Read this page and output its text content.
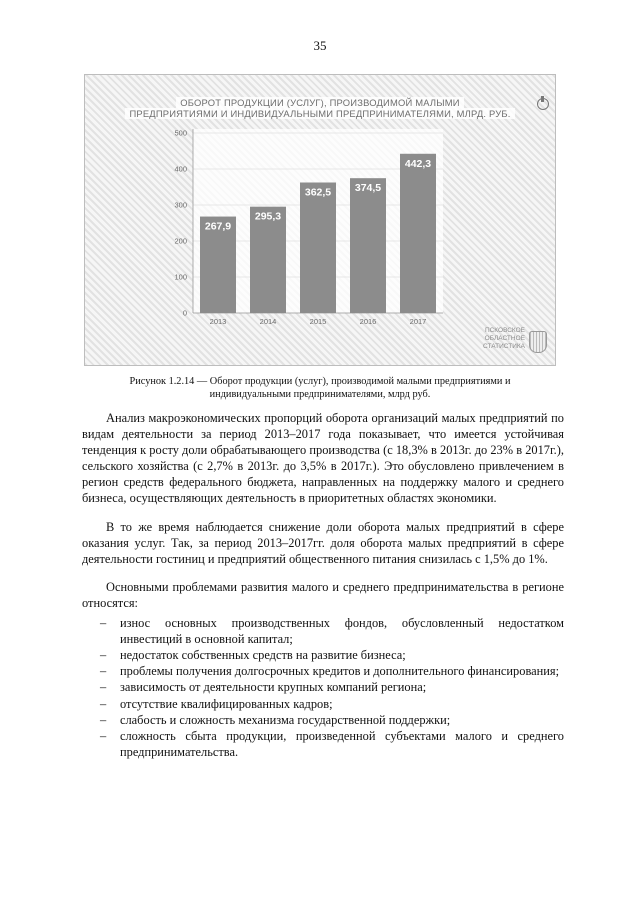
35
ОБОРОТ ПРОДУКЦИИ (УСЛУГ), ПРОИЗВОДИМОЙ МАЛЫМИ
ПРЕДПРИЯТИЯМИ И ИНДИВИДУАЛЬНЫМИ ПРЕДПРИНИМАТЕЛЯМИ, МЛРД. РУБ.
0
100
200
300
400
500
267,9
2013
295,3
2014
362,5
2015
374,5
2016
442,3
2017
ПСКОВСКОЕ ОБЛАСТНОЕ
СТАТИСТИКА
Рисунок 1.2.14 — Оборот продукции (услуг), производимой малыми предприятиями и
индивидуальными предпринимателями, млрд руб.

Анализ макроэкономических пропорций оборота организаций малых предприятий по видам деятельности за период 2013–2017 года показывает, что имеется устойчивая тенденция к росту доли обрабатывающего производства (с 18,3% в 2013г. до 23% в 2017г.), сельского хозяйства (с 2,7% в 2013г. до 3,5% в 2017г.). Это обусловлено привлечением в регион средств федерального бюджета, направленных на поддержку малого и среднего бизнеса, осуществляющих деятельность в приоритетных областях экономики.

В то же время наблюдается снижение доли оборота малых предприятий в сфере оказания услуг. Так, за период 2013–2017гг. доля оборота малых предприятий в сфере деятельности гостиниц и предприятий общественного питания снизилась с 1,5% до 1%.

Основными проблемами развития малого и среднего предпринимательства в регионе относятся:

– износ основных производственных фондов, обусловленный недостатком инвестиций в основной капитал;
– недостаток собственных средств на развитие бизнеса;
– проблемы получения долгосрочных кредитов и дополнительного финансирования;
– зависимость от деятельности крупных компаний региона;
– отсутствие квалифицированных кадров;
– слабость и сложность механизма государственной поддержки;
– сложность сбыта продукции, произведенной субъектами малого и среднего предпринимательства.
